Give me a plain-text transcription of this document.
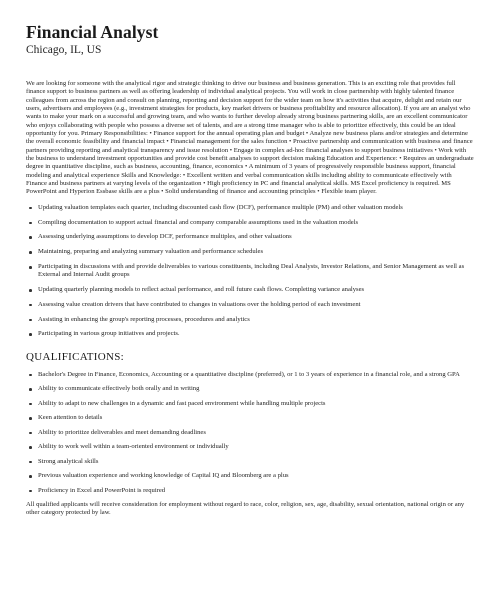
Financial Analyst

Chicago, IL, US

We are looking for someone with the analytical rigor and strategic thinking to drive our business and business generation. This is an exciting role that provides full finance support to business partners as well as offering leadership of individual analytical projects. You will work in close partnership with highly talented finance colleagues from across the region and consult on planning, reporting and decision support for the wider team on how it's activities that acquire, delight and retain our users, advertisers and employees (e.g., investment strategies for products, key market drivers or business profitability and resource allocation). If you are an analyst who wants to make your mark on a successful and growing team, and who wants to further develop already strong business partnering skills, are an excellent communicator who enjoys collaborating with people who possess a diverse set of talents, and are a strong time manager who is able to prioritize effectively, this could be an ideal opportunity for you. Primary Responsibilities: • Finance support for the annual operating plan and budget • Analyze new business plans and/or strategies and determine the overall economic feasibility and financial impact • Financial management for the sales function • Proactive partnership and communication with business and finance partners providing reporting and analytical transparency and issue resolution • Engage in complex ad-hoc financial analyses to support business initiatives • Work with the business to understand investment opportunities and provide cost benefit analyses to support decision making Education and Experience: • Requires an undergraduate degree in quantitative discipline, such as business, accounting, finance, economics • A minimum of 3 years of progressively responsible business support, financial modeling and analytical experience Skills and Knowledge: • Excellent written and verbal communication skills including ability to communicate effectively with Finance and business partners at varying levels of the organization • High proficiency in PC and financial analytical skills. MS Excel proficiency is required. MS PowerPoint and Hyperion Essbase skills are a plus • Solid understanding of finance and accounting principles • Flexible team player.

Updating valuation templates each quarter, including discounted cash flow (DCF), performance multiple (PM) and other valuation models
Compiling documentation to support actual financial and company comparable assumptions used in the valuation models
Assessing underlying assumptions to develop DCF, performance multiples, and other valuations
Maintaining, preparing and analyzing summary valuation and performance schedules
Participating in discussions with and provide deliverables to various constituents, including Deal Analysts, Investor Relations, and Senior Management as well as External and Internal Audit groups
Updating quarterly planning models to reflect actual performance, and roll future cash flows. Completing variance analyses
Assessing value creation drivers that have contributed to changes in valuations over the holding period of each investment
Assisting in enhancing the group's reporting processes, procedures and analytics
Participating in various group initiatives and projects.
QUALIFICATIONS:
Bachelor's Degree in Finance, Economics, Accounting or a quantitative discipline (preferred), or 1 to 3 years of experience in a financial role, and a strong GPA
Ability to communicate effectively both orally and in writing
Ability to adapt to new challenges in a dynamic and fast paced environment while handling multiple projects
Keen attention to details
Ability to prioritize deliverables and meet demanding deadlines
Ability to work well within a team-oriented environment or individually
Strong analytical skills
Previous valuation experience and working knowledge of Capital IQ and Bloomberg are a plus
Proficiency in Excel and PowerPoint is required

All qualified applicants will receive consideration for employment without regard to race, color, religion, sex, age, disability, sexual orientation, national origin or any other category protected by law.
